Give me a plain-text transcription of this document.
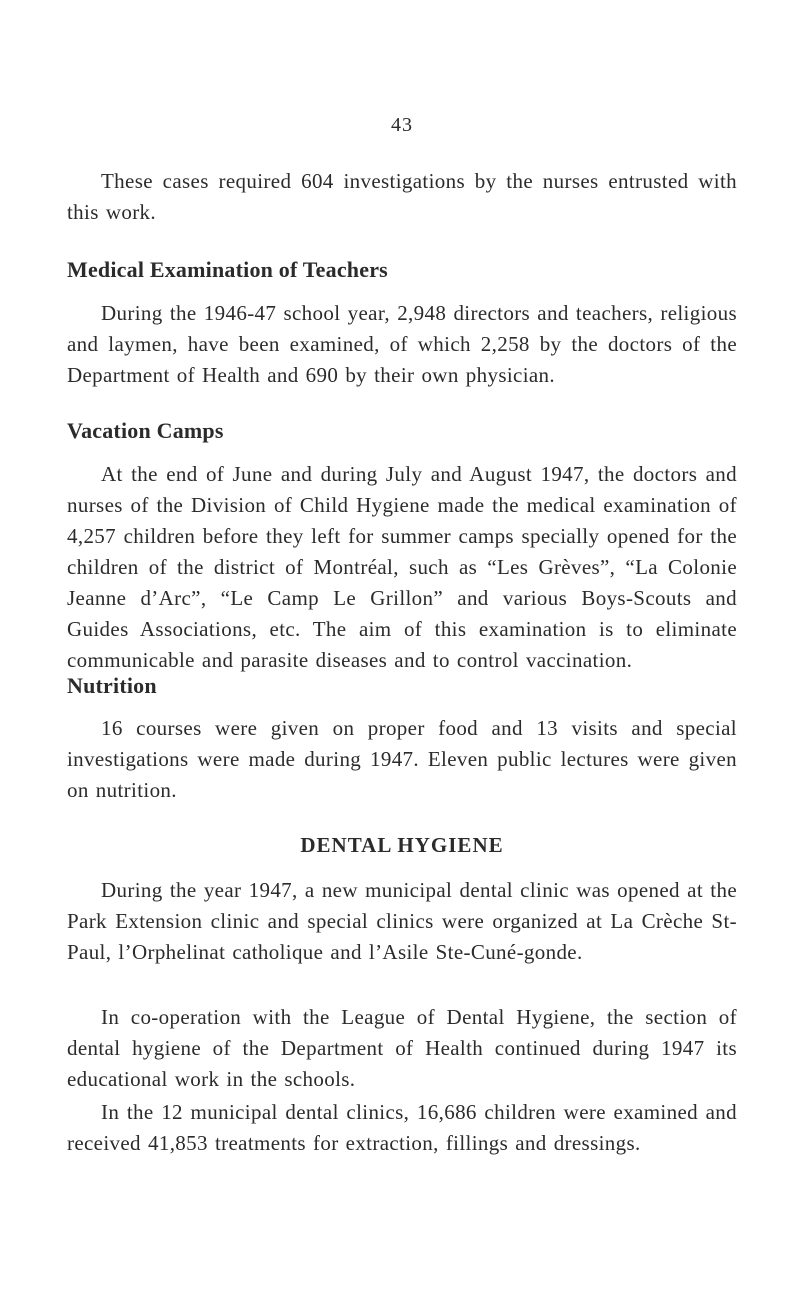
43

These cases required 604 investigations by the nurses entrusted with this work.

Medical Examination of Teachers

During the 1946-47 school year, 2,948 directors and teachers, religious and laymen, have been examined, of which 2,258 by the doctors of the Department of Health and 690 by their own physician.

Vacation Camps

At the end of June and during July and August 1947, the doctors and nurses of the Division of Child Hygiene made the medical examination of 4,257 children before they left for summer camps specially opened for the children of the district of Montréal, such as “Les Grèves”, “La Colonie Jeanne d’Arc”, “Le Camp Le Grillon” and various Boys-Scouts and Guides Associations, etc. The aim of this examination is to eliminate communicable and parasite diseases and to control vaccination.

Nutrition

16 courses were given on proper food and 13 visits and special investigations were made during 1947. Eleven public lectures were given on nutrition.

DENTAL HYGIENE

During the year 1947, a new municipal dental clinic was opened at the Park Extension clinic and special clinics were organized at La Crèche St-Paul, l’Orphelinat catholique and l’Asile Ste-Cuné-gonde.

In co-operation with the League of Dental Hygiene, the section of dental hygiene of the Department of Health continued during 1947 its educational work in the schools.

In the 12 municipal dental clinics, 16,686 children were examined and received 41,853 treatments for extraction, fillings and dressings.
